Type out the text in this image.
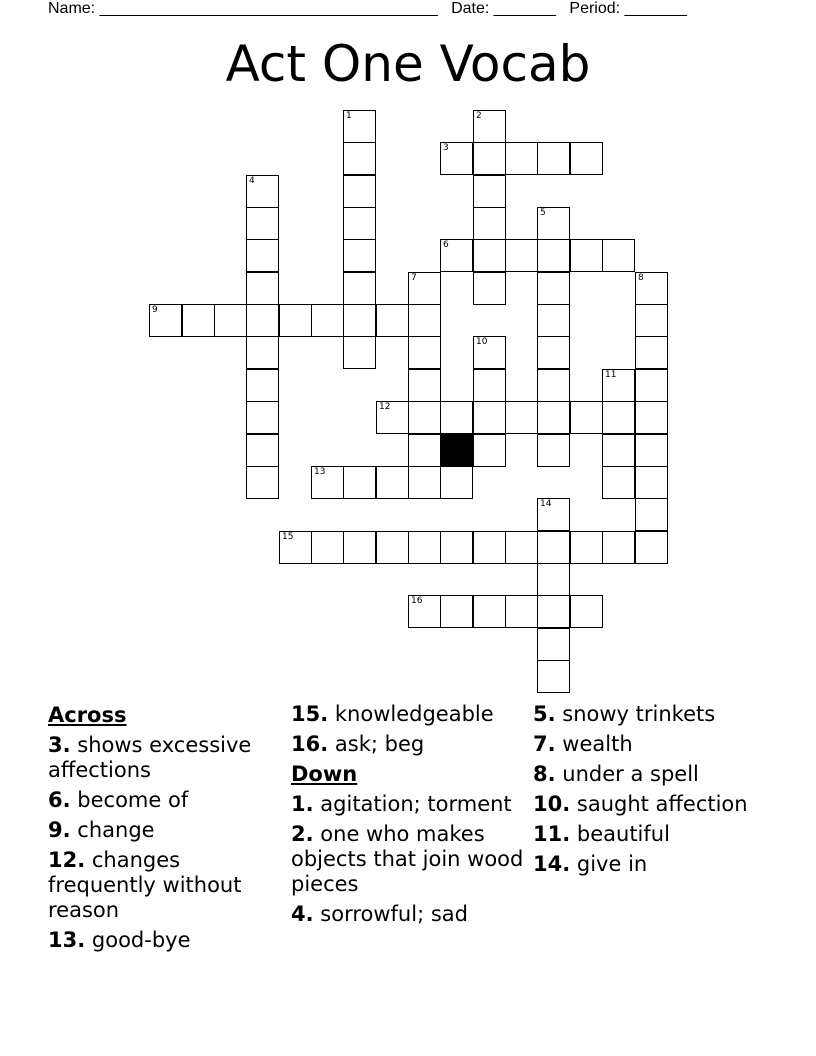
Name: ______________________________________ Date: _______ Period: _______
Act One Vocab
1	2
3
4
5
6
7	8
9
10
11
12
13
14
15
16
Across
3. shows excessive affections
6. become of
9. change
12. changes frequently without reason
13. good-bye
15. knowledgeable
16. ask; beg
Down
1. agitation; torment
2. one who makes objects that join wood pieces
4. sorrowful; sad
5. snowy trinkets
7. wealth
8. under a spell
10. saught affection
11. beautiful
14. give in
